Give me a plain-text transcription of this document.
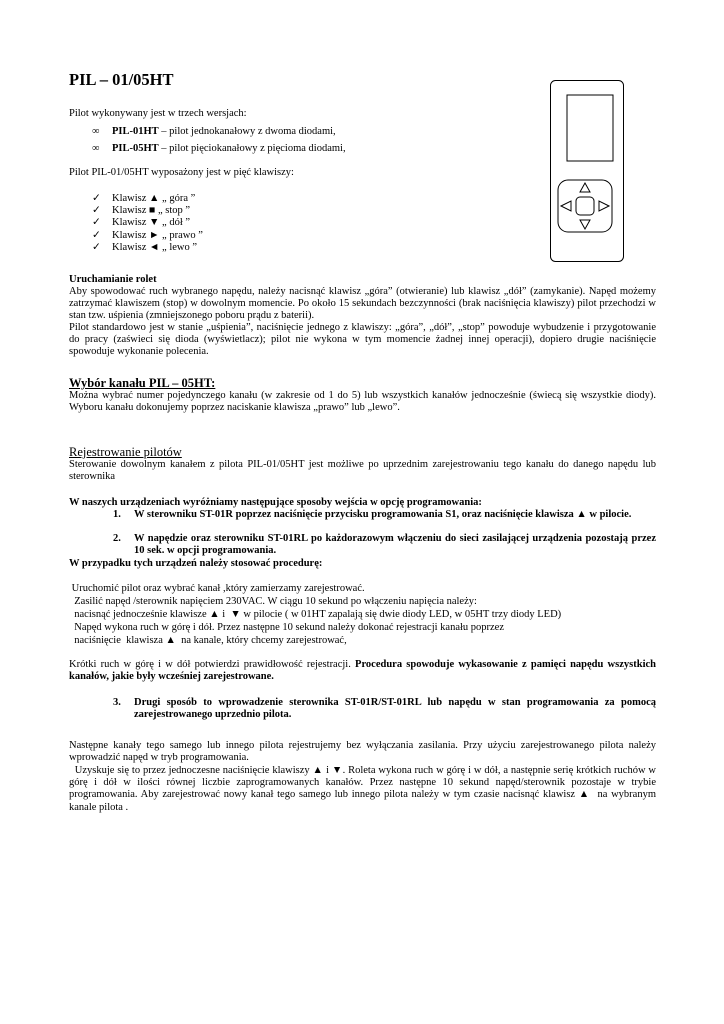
PIL – 01/05HT

Pilot wykonywany jest w trzech wersjach:

∞ PIL-01HT – pilot jednokanałowy z dwoma diodami,
∞ PIL-05HT – pilot pięciokanałowy z pięcioma diodami,

Pilot PIL-01/05HT wyposażony jest w pięć klawiszy:

✓ Klawisz ▲ „ góra ”
✓ Klawisz ■ „ stop ”
✓ Klawisz ▼ „ dół ”
✓ Klawisz ► „ prawo ”
✓ Klawisz ◄ „ lewo ”

Uruchamianie rolet

Aby spowodować ruch wybranego napędu, należy nacisnąć klawisz „góra” (otwieranie) lub klawisz „dół” (zamykanie). Napęd możemy zatrzymać klawiszem (stop) w dowolnym momencie. Po około 15 sekundach bezczynności (brak naciśnięcia klawiszy) pilot przechodzi w stan tzw. uśpienia (zmniejszonego poboru prądu z baterii).

Pilot standardowo jest w stanie „uśpienia”, naciśnięcie jednego z klawiszy: „góra”, „dół”, „stop” powoduje wybudzenie i przygotowanie do pracy (zaświeci się dioda (wyświetlacz); pilot nie wykona w tym momencie żadnej innej operacji), dopiero drugie naciśnięcie spowoduje wykonanie polecenia.

Wybór kanału PIL – 05HT:

Można wybrać numer pojedynczego kanału (w zakresie od 1 do 5) lub wszystkich kanałów jednocześnie (świecą się wszystkie diody). Wyboru kanału dokonujemy poprzez naciskanie klawisza „prawo” lub „lewo”.

Rejestrowanie pilotów

Sterowanie dowolnym kanałem z pilota PIL-01/05HT jest możliwe po uprzednim zarejestrowaniu tego kanału do danego napędu lub sterownika

W naszych urządzeniach wyróżniamy następujące sposoby wejścia w opcję programowania:

1. W sterowniku ST-01R poprzez naciśnięcie przycisku programowania S1, oraz naciśnięcie klawisza ▲ w pilocie.
2. W napędzie oraz sterowniku ST-01RL po każdorazowym włączeniu do sieci zasilającej urządzenia pozostają przez 10 sek. w opcji programowania.

W przypadku tych urządzeń należy stosować procedurę:

Uruchomić pilot oraz wybrać kanał ,który zamierzamy zarejestrować.

Zasilić napęd /sterownik napięciem 230VAC. W ciągu 10 sekund po włączeniu napięcia należy:

nacisnąć jednocześnie klawisze ▲ i  ▼ w pilocie ( w 01HT zapalają się dwie diody LED, w 05HT trzy diody LED)

Napęd wykona ruch w górę i dół. Przez następne 10 sekund należy dokonać rejestracji kanału poprzez

naciśnięcie  klawisza ▲  na kanale, który chcemy zarejestrować,

Krótki ruch w górę i w dół potwierdzi prawidłowość rejestracji. Procedura spowoduje wykasowanie z pamięci napędu wszystkich kanałów, jakie były wcześniej zarejestrowane.

3. Drugi sposób to wprowadzenie sterownika ST-01R/ST-01RL lub napędu w stan programowania za pomocą zarejestrowanego uprzednio pilota.

Następne kanały tego samego lub innego pilota rejestrujemy bez wyłączania zasilania. Przy użyciu zarejestrowanego pilota należy wprowadzić napęd w tryb programowania.

Uzyskuje się to przez jednoczesne naciśnięcie klawiszy ▲ i ▼. Roleta wykona ruch w górę i w dół, a następnie serię krótkich ruchów w górę i dół w ilości równej liczbie zaprogramowanych kanałów. Przez następne 10 sekund napęd/sterownik pozostaje w trybie programowania. Aby zarejestrować nowy kanał tego samego lub innego pilota należy w tym czasie nacisnąć klawisz ▲  na wybranym kanale pilota .
